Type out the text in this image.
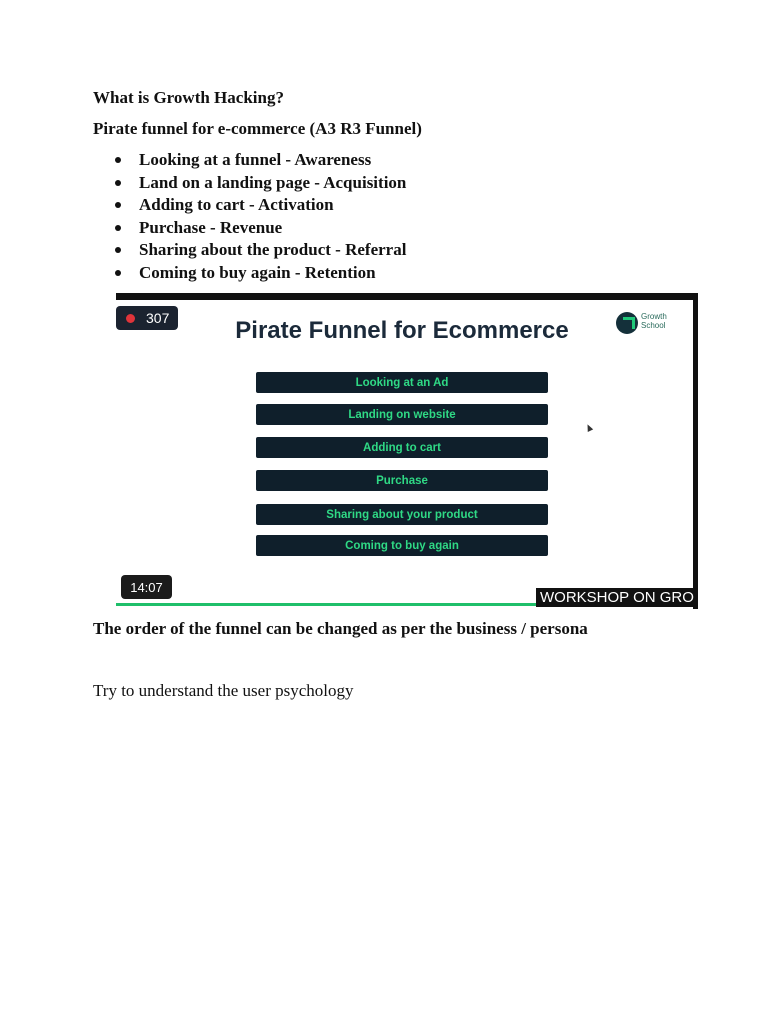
What is Growth Hacking?
Pirate funnel for e-commerce (A3 R3 Funnel)
Looking at a funnel - Awareness
Land on a landing page - Acquisition
Adding to cart - Activation
Purchase - Revenue
Sharing about the product - Referral
Coming to buy again - Retention
307	Pirate Funnel for Ecommerce
Growth
School
Looking at an Ad
Landing on website
Adding to cart
Purchase
Sharing about your product
Coming to buy again
14:07
WORKSHOP ON GRO
The order of the funnel can be changed as per the business / persona
Try to understand the user psychology
